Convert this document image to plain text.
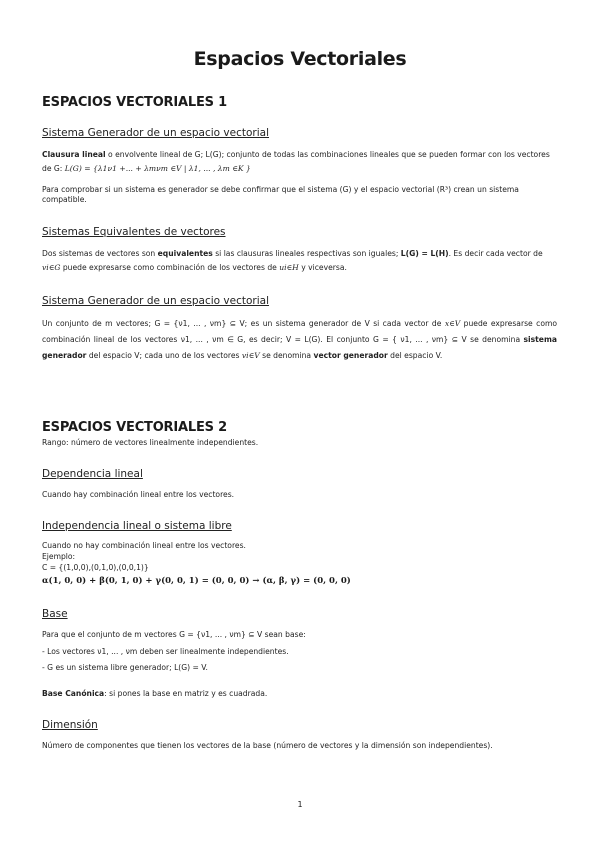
Espacios Vectoriales
ESPACIOS VECTORIALES 1
Sistema Generador de un espacio vectorial
Clausura lineal o envolvente lineal de G; L(G); conjunto de todas las combinaciones lineales que se pueden formar con los vectores de G: L(G) = {λ1ν1 +... + λmνm ∈V | λ1, ... , λm ∈K }
Para comprobar si un sistema es generador se debe confirmar que el sistema (G) y el espacio vectorial (R³) crean un sistema compatible.
Sistemas Equivalentes de vectores
Dos sistemas de vectores son equivalentes si las clausuras lineales respectivas son iguales; L(G) = L(H). Es decir cada vector de vi∈G puede expresarse como combinación de los vectores de ui∈H y viceversa.
Sistema Generador de un espacio vectorial
Un conjunto de m vectores; G = {ν1, ... , νm} ⊆ V; es un sistema generador de V si cada vector de x∈V puede expresarse como combinación lineal de los vectores ν1, ... , νm ∈ G, es decir; V = L(G). El conjunto G = { ν1, ... , νm} ⊆ V se denomina sistema generador del espacio V; cada uno de los vectores vi∈V se denomina vector generador del espacio V.
ESPACIOS VECTORIALES 2
Rango: número de vectores linealmente independientes.
Dependencia lineal
Cuando hay combinación lineal entre los vectores.
Independencia lineal o sistema libre
Cuando no hay combinación lineal entre los vectores.
Ejemplo:
C = {(1,0,0),(0,1,0),(0,0,1)}
α(1, 0, 0) + β(0, 1, 0) + γ(0, 0, 1) = (0, 0, 0) → (α, β, γ) = (0, 0, 0)
Base
Para que el conjunto de m vectores G = {ν1, ... , νm} ⊆ V sean base:
- Los vectores ν1, ... , νm deben ser linealmente independientes.
- G es un sistema libre generador; L(G) = V.
Base Canónica: si pones la base en matriz y es cuadrada.
Dimensión
Número de componentes que tienen los vectores de la base (número de vectores y la dimensión son independientes).
1
